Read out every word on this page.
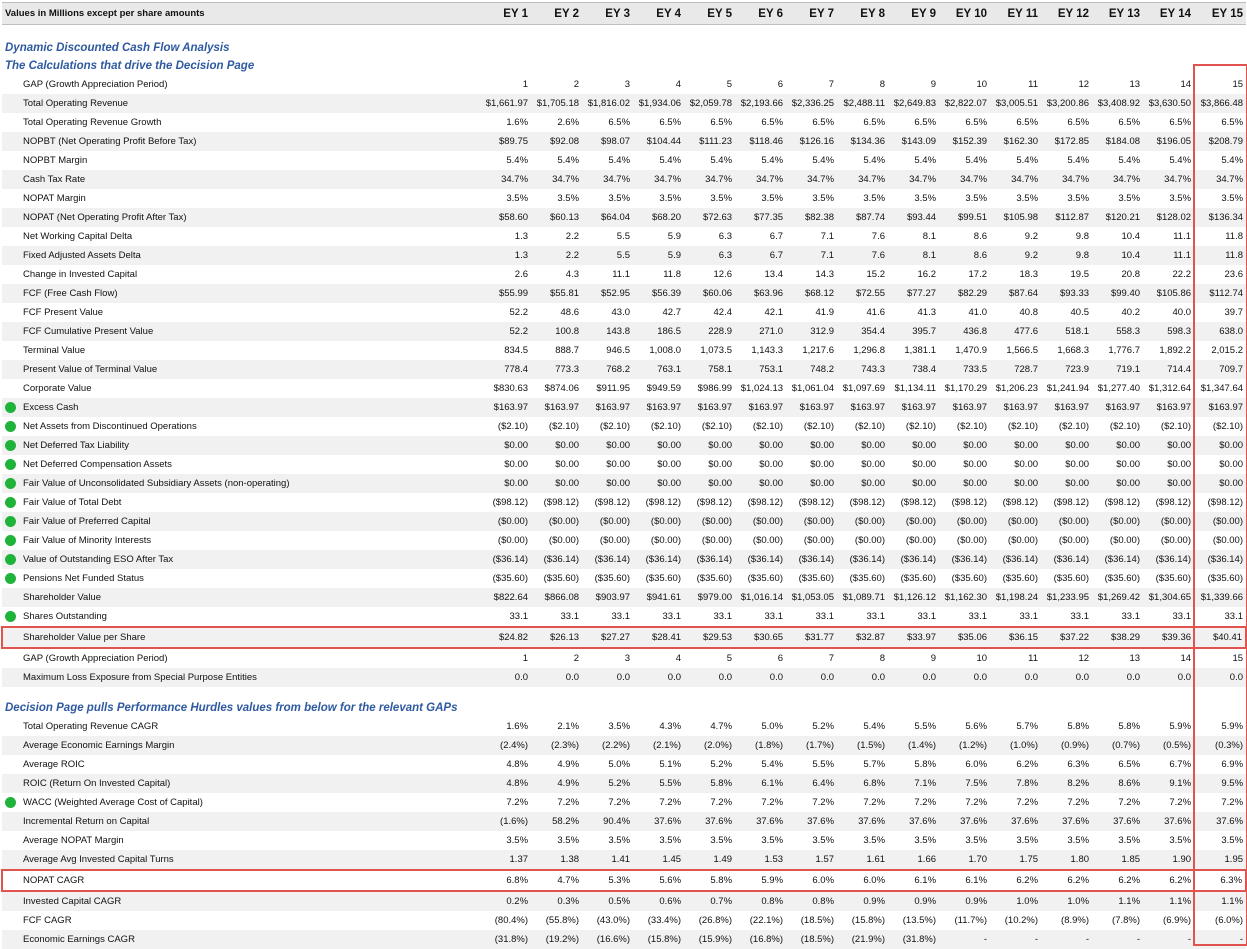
Values in Millions except per share amounts		EY 1	EY 2	EY 3	EY 4	EY 5	EY 6	EY 7	EY 8	EY 9	EY 10	EY 11	EY 12	EY 13	EY 14	EY 15

Dynamic Discounted Cash Flow Analysis																
The Calculations that drive the Decision Page																
	GAP (Growth Appreciation Period)	1	2	3	4	5	6	7	8	9	10	11	12	13	14	15
	Total Operating Revenue	$1,661.97	$1,705.18	$1,816.02	$1,934.06	$2,059.78	$2,193.66	$2,336.25	$2,488.11	$2,649.83	$2,822.07	$3,005.51	$3,200.86	$3,408.92	$3,630.50	$3,866.48
	Total Operating Revenue Growth	1.6%	2.6%	6.5%	6.5%	6.5%	6.5%	6.5%	6.5%	6.5%	6.5%	6.5%	6.5%	6.5%	6.5%	6.5%
	NOPBT (Net Operating Profit Before Tax)	$89.75	$92.08	$98.07	$104.44	$111.23	$118.46	$126.16	$134.36	$143.09	$152.39	$162.30	$172.85	$184.08	$196.05	$208.79
	NOPBT Margin	5.4%	5.4%	5.4%	5.4%	5.4%	5.4%	5.4%	5.4%	5.4%	5.4%	5.4%	5.4%	5.4%	5.4%	5.4%
	Cash Tax Rate	34.7%	34.7%	34.7%	34.7%	34.7%	34.7%	34.7%	34.7%	34.7%	34.7%	34.7%	34.7%	34.7%	34.7%	34.7%
	NOPAT Margin	3.5%	3.5%	3.5%	3.5%	3.5%	3.5%	3.5%	3.5%	3.5%	3.5%	3.5%	3.5%	3.5%	3.5%	3.5%
	NOPAT (Net Operating Profit After Tax)	$58.60	$60.13	$64.04	$68.20	$72.63	$77.35	$82.38	$87.74	$93.44	$99.51	$105.98	$112.87	$120.21	$128.02	$136.34
	Net Working Capital Delta	1.3	2.2	5.5	5.9	6.3	6.7	7.1	7.6	8.1	8.6	9.2	9.8	10.4	11.1	11.8
	Fixed Adjusted Assets Delta	1.3	2.2	5.5	5.9	6.3	6.7	7.1	7.6	8.1	8.6	9.2	9.8	10.4	11.1	11.8
	Change in Invested Capital	2.6	4.3	11.1	11.8	12.6	13.4	14.3	15.2	16.2	17.2	18.3	19.5	20.8	22.2	23.6
	FCF (Free Cash Flow)	$55.99	$55.81	$52.95	$56.39	$60.06	$63.96	$68.12	$72.55	$77.27	$82.29	$87.64	$93.33	$99.40	$105.86	$112.74
	FCF Present Value	52.2	48.6	43.0	42.7	42.4	42.1	41.9	41.6	41.3	41.0	40.8	40.5	40.2	40.0	39.7
	FCF Cumulative Present Value	52.2	100.8	143.8	186.5	228.9	271.0	312.9	354.4	395.7	436.8	477.6	518.1	558.3	598.3	638.0
	Terminal Value	834.5	888.7	946.5	1,008.0	1,073.5	1,143.3	1,217.6	1,296.8	1,381.1	1,470.9	1,566.5	1,668.3	1,776.7	1,892.2	2,015.2
	Present Value of Terminal Value	778.4	773.3	768.2	763.1	758.1	753.1	748.2	743.3	738.4	733.5	728.7	723.9	719.1	714.4	709.7
	Corporate Value	$830.63	$874.06	$911.95	$949.59	$986.99	$1,024.13	$1,061.04	$1,097.69	$1,134.11	$1,170.29	$1,206.23	$1,241.94	$1,277.40	$1,312.64	$1,347.64
	Excess Cash	$163.97	$163.97	$163.97	$163.97	$163.97	$163.97	$163.97	$163.97	$163.97	$163.97	$163.97	$163.97	$163.97	$163.97	$163.97
	Net Assets from Discontinued Operations	($2.10)	($2.10)	($2.10)	($2.10)	($2.10)	($2.10)	($2.10)	($2.10)	($2.10)	($2.10)	($2.10)	($2.10)	($2.10)	($2.10)	($2.10)
	Net Deferred Tax Liability	$0.00	$0.00	$0.00	$0.00	$0.00	$0.00	$0.00	$0.00	$0.00	$0.00	$0.00	$0.00	$0.00	$0.00	$0.00
	Net Deferred Compensation Assets	$0.00	$0.00	$0.00	$0.00	$0.00	$0.00	$0.00	$0.00	$0.00	$0.00	$0.00	$0.00	$0.00	$0.00	$0.00
	Fair Value of Unconsolidated Subsidiary Assets (non-operating)	$0.00	$0.00	$0.00	$0.00	$0.00	$0.00	$0.00	$0.00	$0.00	$0.00	$0.00	$0.00	$0.00	$0.00	$0.00
	Fair Value of Total Debt	($98.12)	($98.12)	($98.12)	($98.12)	($98.12)	($98.12)	($98.12)	($98.12)	($98.12)	($98.12)	($98.12)	($98.12)	($98.12)	($98.12)	($98.12)
	Fair Value of Preferred Capital	($0.00)	($0.00)	($0.00)	($0.00)	($0.00)	($0.00)	($0.00)	($0.00)	($0.00)	($0.00)	($0.00)	($0.00)	($0.00)	($0.00)	($0.00)
	Fair Value of Minority Interests	($0.00)	($0.00)	($0.00)	($0.00)	($0.00)	($0.00)	($0.00)	($0.00)	($0.00)	($0.00)	($0.00)	($0.00)	($0.00)	($0.00)	($0.00)
	Value of Outstanding ESO After Tax	($36.14)	($36.14)	($36.14)	($36.14)	($36.14)	($36.14)	($36.14)	($36.14)	($36.14)	($36.14)	($36.14)	($36.14)	($36.14)	($36.14)	($36.14)
	Pensions Net Funded Status	($35.60)	($35.60)	($35.60)	($35.60)	($35.60)	($35.60)	($35.60)	($35.60)	($35.60)	($35.60)	($35.60)	($35.60)	($35.60)	($35.60)	($35.60)
	Shareholder Value	$822.64	$866.08	$903.97	$941.61	$979.00	$1,016.14	$1,053.05	$1,089.71	$1,126.12	$1,162.30	$1,198.24	$1,233.95	$1,269.42	$1,304.65	$1,339.66
	Shares Outstanding	33.1	33.1	33.1	33.1	33.1	33.1	33.1	33.1	33.1	33.1	33.1	33.1	33.1	33.1	33.1
	Shareholder Value per Share	$24.82	$26.13	$27.27	$28.41	$29.53	$30.65	$31.77	$32.87	$33.97	$35.06	$36.15	$37.22	$38.29	$39.36	$40.41
	GAP (Growth Appreciation Period)	1	2	3	4	5	6	7	8	9	10	11	12	13	14	15
	Maximum Loss Exposure from Special Purpose Entities	0.0	0.0	0.0	0.0	0.0	0.0	0.0	0.0	0.0	0.0	0.0	0.0	0.0	0.0	0.0

Decision Page pulls Performance Hurdles values from below for the relevant GAPs																
	Total Operating Revenue CAGR	1.6%	2.1%	3.5%	4.3%	4.7%	5.0%	5.2%	5.4%	5.5%	5.6%	5.7%	5.8%	5.8%	5.9%	5.9%
	Average Economic Earnings Margin	(2.4%)	(2.3%)	(2.2%)	(2.1%)	(2.0%)	(1.8%)	(1.7%)	(1.5%)	(1.4%)	(1.2%)	(1.0%)	(0.9%)	(0.7%)	(0.5%)	(0.3%)
	Average ROIC	4.8%	4.9%	5.0%	5.1%	5.2%	5.4%	5.5%	5.7%	5.8%	6.0%	6.2%	6.3%	6.5%	6.7%	6.9%
	ROIC (Return On Invested Capital)	4.8%	4.9%	5.2%	5.5%	5.8%	6.1%	6.4%	6.8%	7.1%	7.5%	7.8%	8.2%	8.6%	9.1%	9.5%
	WACC (Weighted Average Cost of Capital)	7.2%	7.2%	7.2%	7.2%	7.2%	7.2%	7.2%	7.2%	7.2%	7.2%	7.2%	7.2%	7.2%	7.2%	7.2%
	Incremental Return on Capital	(1.6%)	58.2%	90.4%	37.6%	37.6%	37.6%	37.6%	37.6%	37.6%	37.6%	37.6%	37.6%	37.6%	37.6%	37.6%
	Average NOPAT Margin	3.5%	3.5%	3.5%	3.5%	3.5%	3.5%	3.5%	3.5%	3.5%	3.5%	3.5%	3.5%	3.5%	3.5%	3.5%
	Average Avg Invested Capital Turns	1.37	1.38	1.41	1.45	1.49	1.53	1.57	1.61	1.66	1.70	1.75	1.80	1.85	1.90	1.95
	NOPAT CAGR	6.8%	4.7%	5.3%	5.6%	5.8%	5.9%	6.0%	6.0%	6.1%	6.1%	6.2%	6.2%	6.2%	6.2%	6.3%
	Invested Capital CAGR	0.2%	0.3%	0.5%	0.6%	0.7%	0.8%	0.8%	0.9%	0.9%	0.9%	1.0%	1.0%	1.1%	1.1%	1.1%
	FCF CAGR	(80.4%)	(55.8%)	(43.0%)	(33.4%)	(26.8%)	(22.1%)	(18.5%)	(15.8%)	(13.5%)	(11.7%)	(10.2%)	(8.9%)	(7.8%)	(6.9%)	(6.0%)
	Economic Earnings CAGR	(31.8%)	(19.2%)	(16.6%)	(15.8%)	(15.9%)	(16.8%)	(18.5%)	(21.9%)	(31.8%)	-	-	-	-	-	-
